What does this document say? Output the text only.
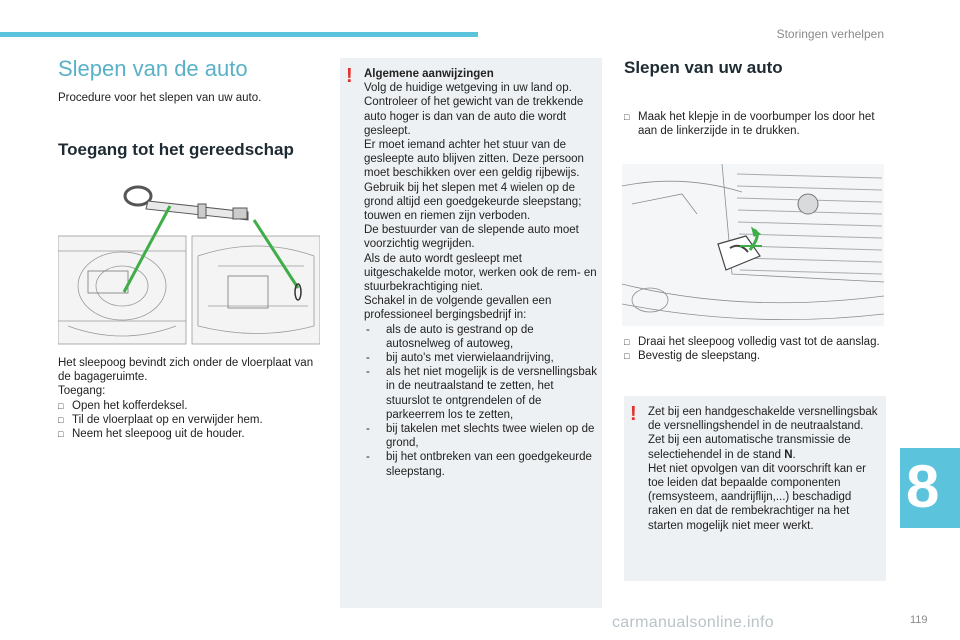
Storingen verhelpen
Slepen van de auto
Procedure voor het slepen van uw auto.
Toegang tot het gereedschap
Het sleepoog bevindt zich onder de vloerplaat van de bagageruimte.
Toegang:
□ Open het kofferdeksel.
□ Til de vloerplaat op en verwijder hem.
□ Neem het sleepoog uit de houder.
! Algemene aanwijzingen
Volg de huidige wetgeving in uw land op.
Controleer of het gewicht van de trekkende auto hoger is dan van de auto die wordt gesleept.
Er moet iemand achter het stuur van de gesleepte auto blijven zitten. Deze persoon moet beschikken over een geldig rijbewijs.
Gebruik bij het slepen met 4 wielen op de grond altijd een goedgekeurde sleepstang; touwen en riemen zijn verboden.
De bestuurder van de slepende auto moet voorzichtig wegrijden.
Als de auto wordt gesleept met uitgeschakelde motor, werken ook de rem- en stuurbekrachtiging niet.
Schakel in de volgende gevallen een professioneel bergingsbedrijf in:
- als de auto is gestrand op de autosnelweg of autoweg,
- bij auto's met vierwielaandrijving,
- als het niet mogelijk is de versnellingsbak in de neutraalstand te zetten, het stuurslot te ontgrendelen of de parkeerrem los te zetten,
- bij takelen met slechts twee wielen op de grond,
- bij het ontbreken van een goedgekeurde sleepstang.
Slepen van uw auto
□ Maak het klepje in de voorbumper los door het aan de linkerzijde in te drukken.
□ Draai het sleepoog volledig vast tot de aanslag.
□ Bevestig de sleepstang.
! Zet bij een handgeschakelde versnellingsbak de versnellingshendel in de neutraalstand.
Zet bij een automatische transmissie de selectiehendel in de stand N.
Het niet opvolgen van dit voorschrift kan er toe leiden dat bepaalde componenten (remsysteem, aandrijflijn,...) beschadigd raken en dat de rembekrachtiger na het starten mogelijk niet meer werkt.
8
carmanualsonline.info	119
